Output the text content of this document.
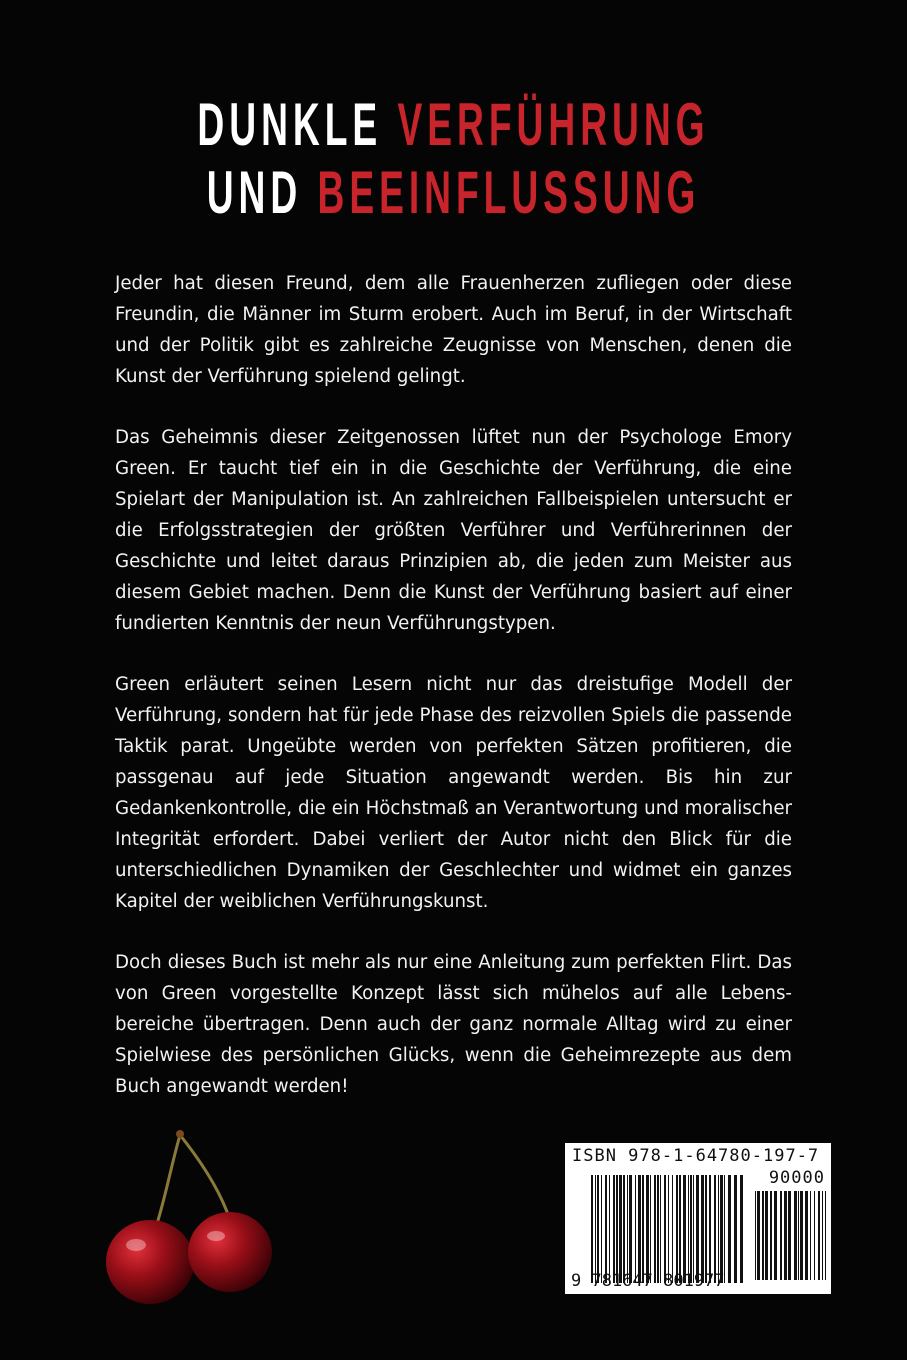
DUNKLE VERFÜHRUNG
UND BEEINFLUSSUNG

Jeder hat diesen Freund, dem alle Frauenherzen zufliegen oder diese Freundin, die Männer im Sturm erobert. Auch im Beruf, in der Wirtschaft und der Politik gibt es zahlreiche Zeugnisse von Menschen, denen die Kunst der Verführung spielend gelingt.

Das Geheimnis dieser Zeitgenossen lüftet nun der Psychologe Emory Green. Er taucht tief ein in die Geschichte der Verführung, die eine Spielart der Manipulation ist. An zahlreichen Fallbeispielen untersucht er die Erfolgsstrategien der größten Verführer und Verführerinnen der Geschichte und leitet daraus Prinzipien ab, die jeden zum Meister aus diesem Gebiet machen. Denn die Kunst der Verführung basiert auf einer fundierten Kenntnis der neun Verführungstypen.

Green erläutert seinen Lesern nicht nur das dreistufige Modell der Verführung, sondern hat für jede Phase des reizvollen Spiels die passende Taktik parat. Ungeübte werden von perfekten Sätzen profitieren, die passgenau auf jede Situation angewandt werden. Bis hin zur Gedankenkontrolle, die ein Höchstmaß an Verantwortung und moralischer Integrität erfordert. Dabei verliert der Autor nicht den Blick für die unterschiedlichen Dynamiken der Geschlechter und widmet ein ganzes Kapitel der weiblichen Verführungskunst.

Doch dieses Buch ist mehr als nur eine Anleitung zum perfekten Flirt. Das von Green vorgestellte Konzept lässt sich mühelos auf alle Lebensbereiche übertragen. Denn auch der ganz normale Alltag wird zu einer Spielwiese des persönlichen Glücks, wenn die Geheimrezepte aus dem Buch angewandt werden!

ISBN 978-1-64780-197-7
90000
9 781647 801977
